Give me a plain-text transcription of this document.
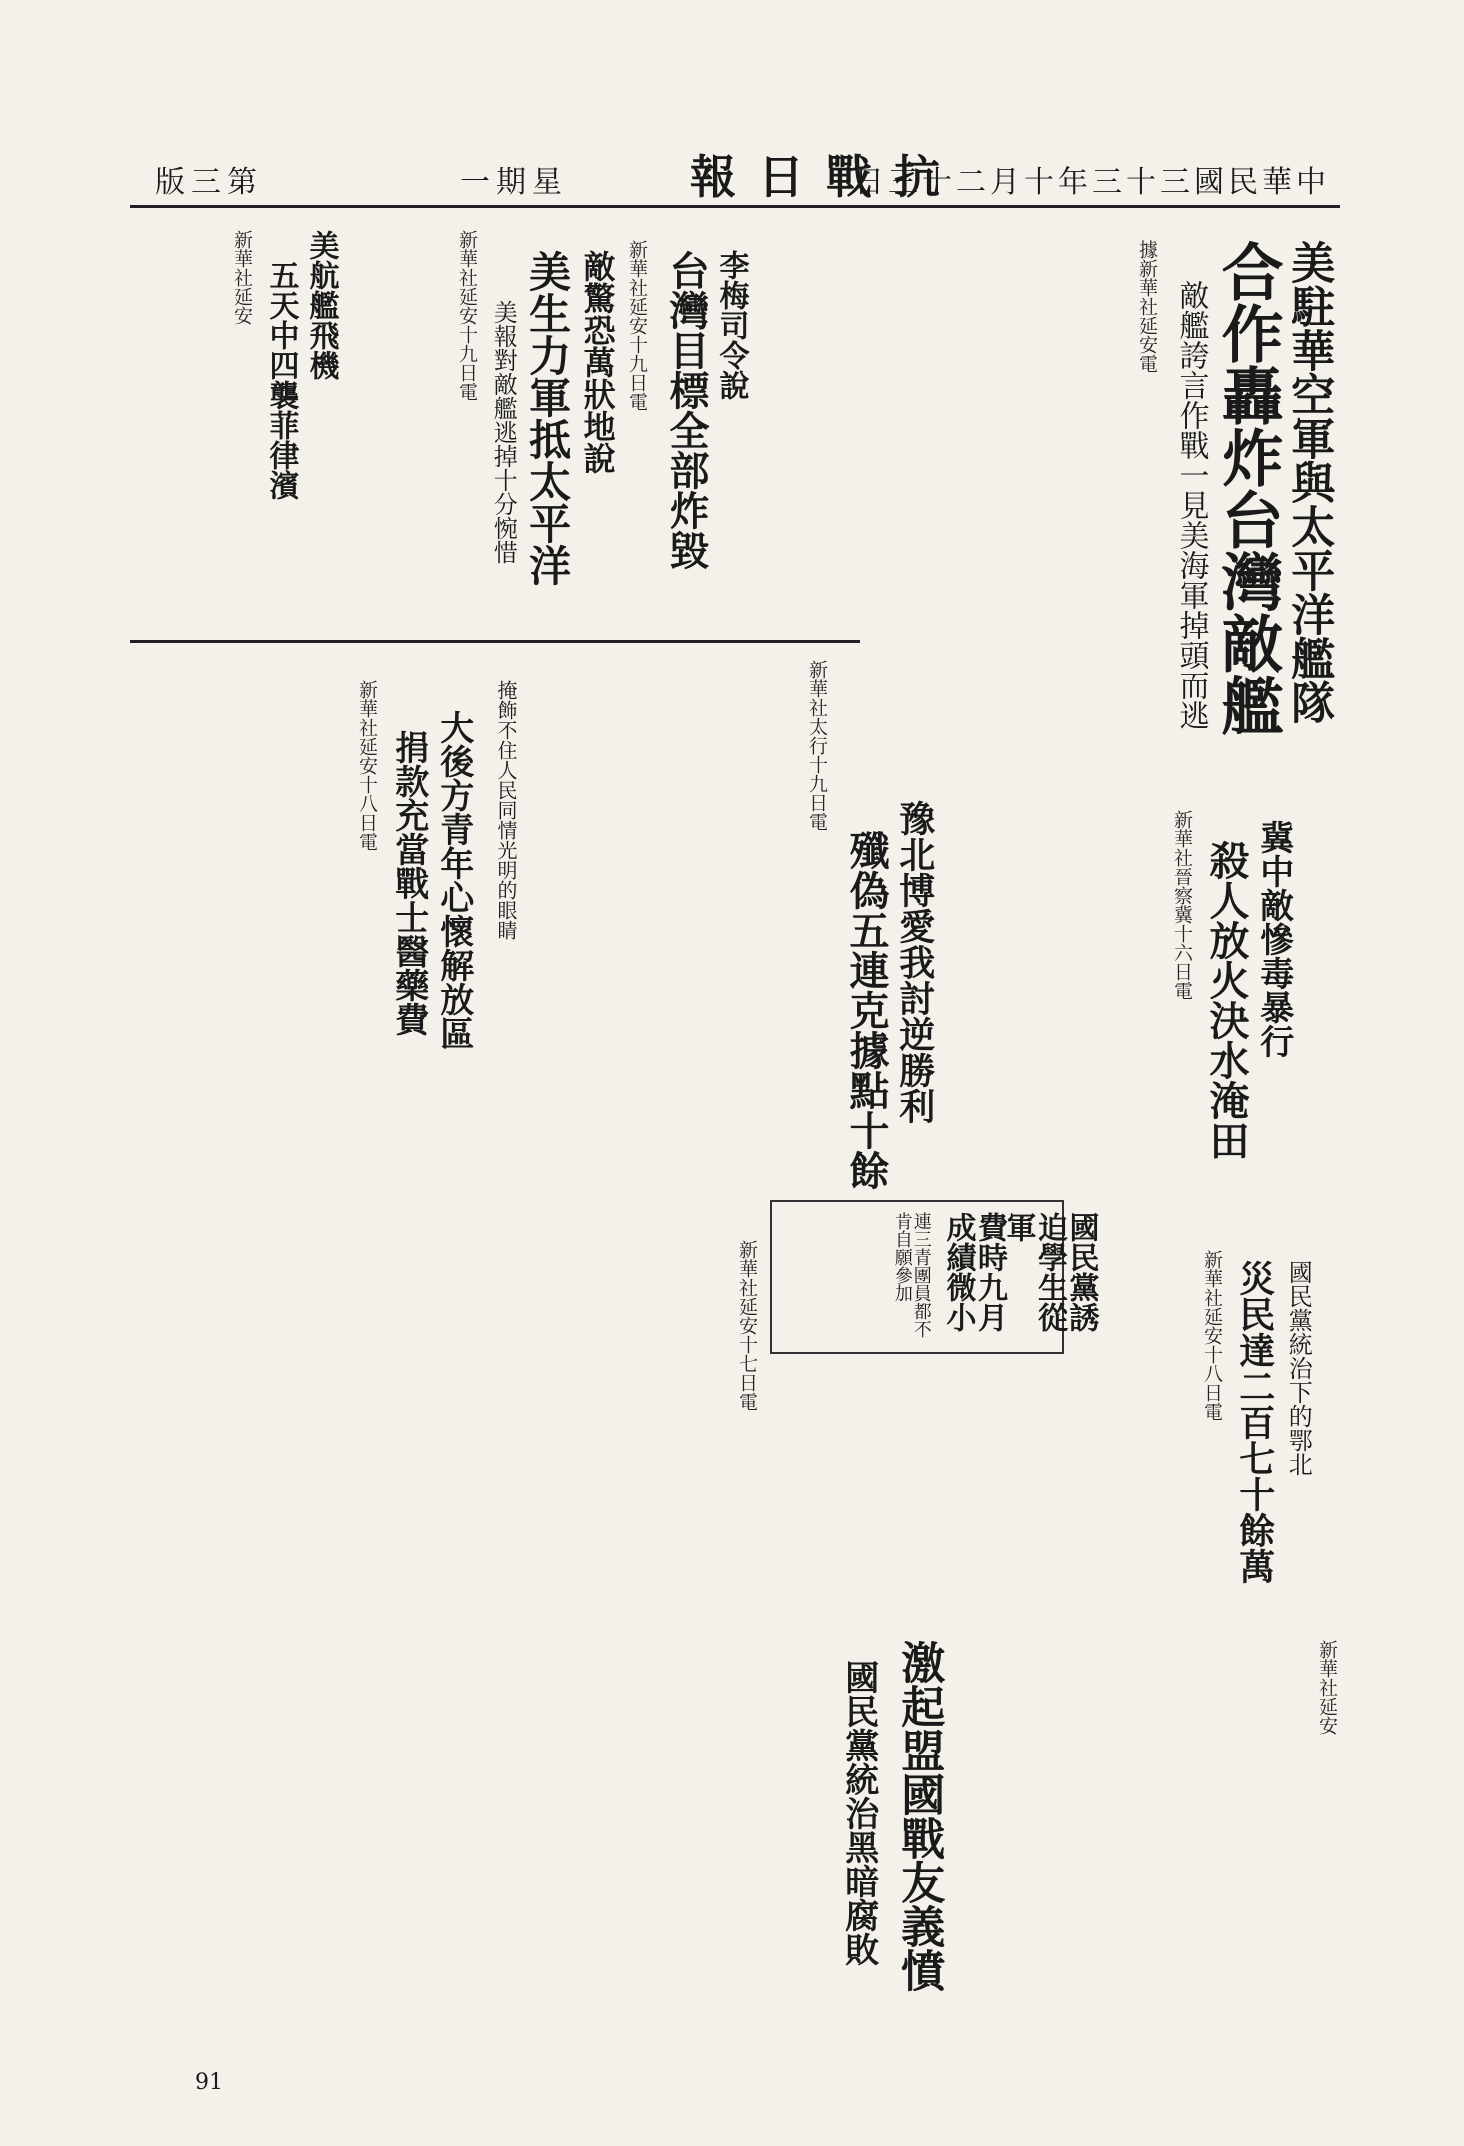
版三第	一期星	報日戰抗
日三十二月十年三十三國民華中
美駐華空軍與太平洋艦隊
合作轟炸台灣敵艦
敵艦誇言作戰一見美海軍掉頭而逃
據新華社延安電
李梅司令說
台灣目標全部炸毀
新華社延安十九日電
敵驚恐萬狀地說
美生力軍抵太平洋
美報對敵艦逃掉十分惋惜
新華社延安十九日電
美航艦飛機
五天中四襲菲律濱
新華社延安
掩飾不住人民同情光明的眼睛
大後方青年心懷解放區
捐款充當戰士醫藥費
新華社延安十八日電
豫北博愛我討逆勝利
殲偽五連克據點十餘
新華社太行十九日電
冀中敵慘毒暴行
殺人放火決水淹田
新華社晉察冀十六日電
國民黨誘迫學生從軍
費時九月成績微小
連三青團員都不肯自願參加
新華社延安十七日電	國民黨統治下的鄂北
災民達二百七十餘萬
新華社延安十八日電
激起盟國戰友義憤
國民黨統治黑暗腐敗	新華社延安
91
